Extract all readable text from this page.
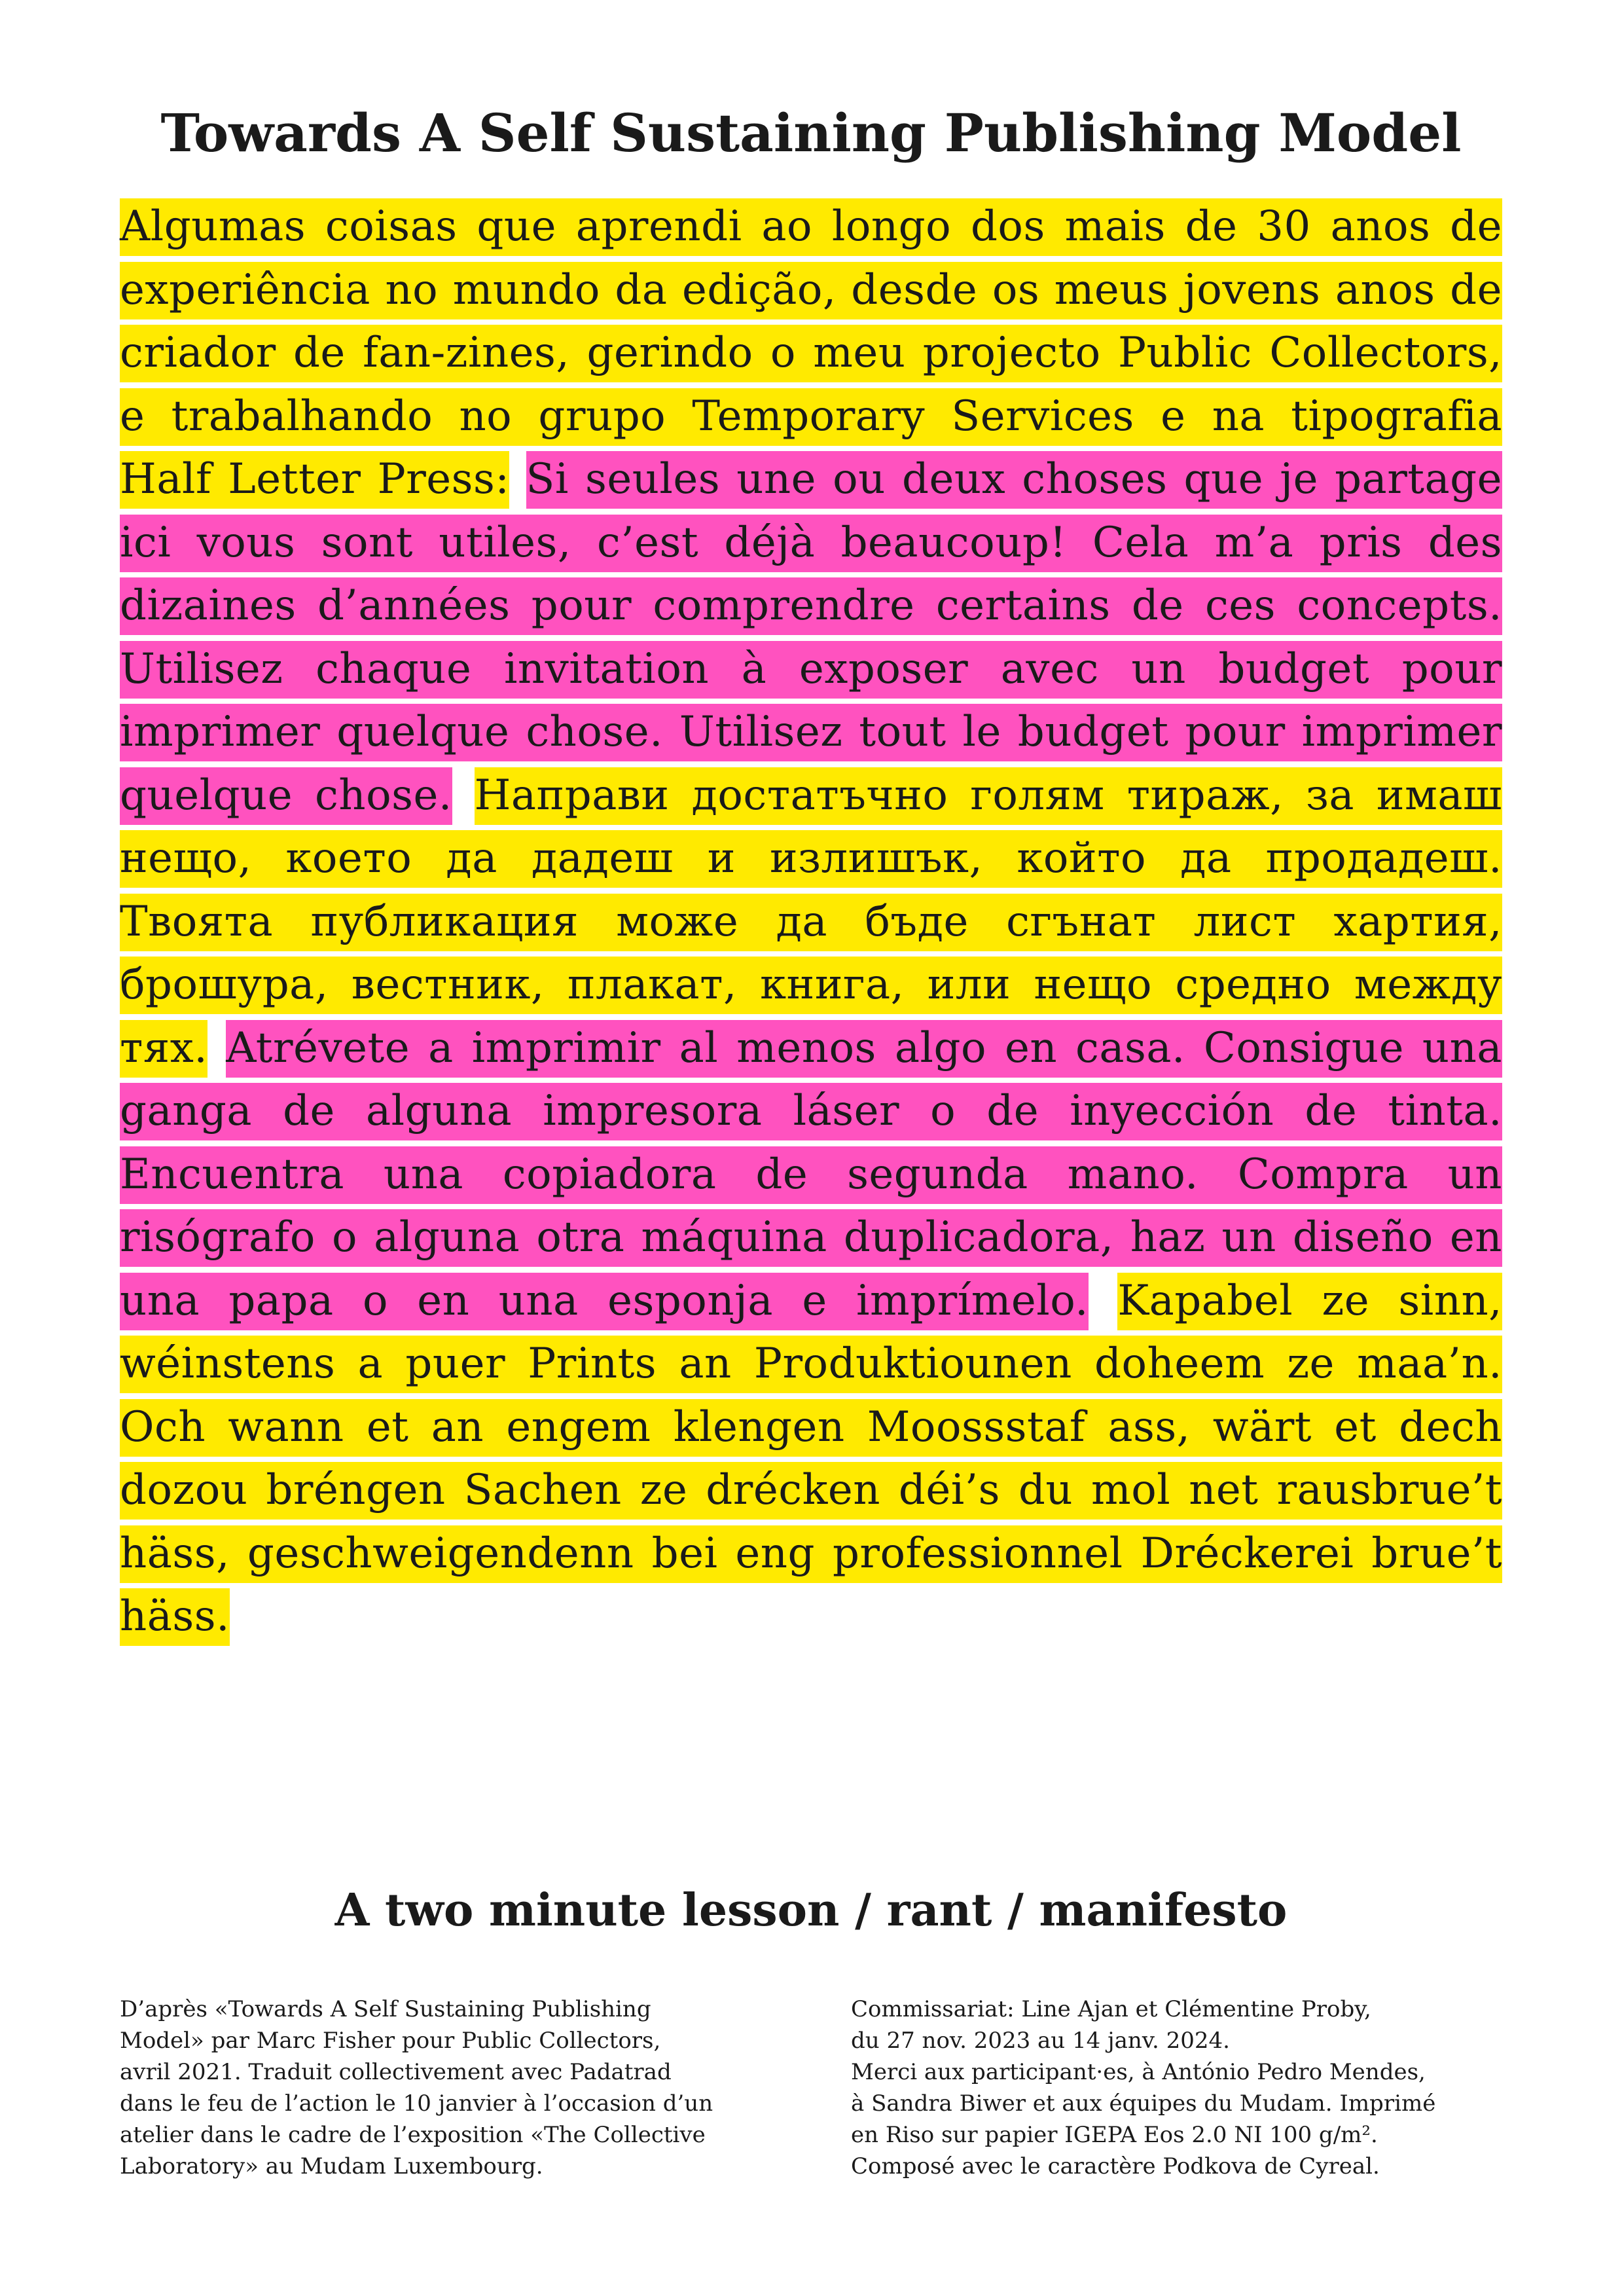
Towards A Self Sustaining Publishing Model

Algumas coisas que aprendi ao longo dos mais de 30 anos de experiência no mundo da edição, desde os meus jovens anos de criador de fan-zines, gerindo o meu projecto Public Collectors, e trabalhando no grupo Temporary Services e na tipografia Half Letter Press: Si seules une ou deux choses que je partage ici vous sont utiles, c’est déjà beaucoup! Cela m’a pris des dizaines d’années pour comprendre certains de ces concepts. Utilisez chaque invitation à exposer avec un budget pour imprimer quelque chose. Utilisez tout le budget pour imprimer quelque chose. Направи достатъчно голям тираж, за имаш нещо, което да дадеш и излишък, който да продадеш. Твоята публикация може да бъде сгънат лист хартия, брошура, вестник, плакат, книга, или нещо средно между тях. Atrévete a imprimir al menos algo en casa. Consigue una ganga de alguna impresora láser o de inyección de tinta. Encuentra una copiadora de segunda mano. Compra un risógrafo o alguna otra máquina duplicadora, haz un diseño en una papa o en una esponja e imprímelo. Kapabel ze sinn, wéinstens a puer Prints an Produktiounen doheem ze maa’n. Och wann et an engem klengen Moossstaf ass, wärt et dech dozou bréngen Sachen ze drécken déi’s du mol net rausbrue’t häss, geschweigendenn bei eng professionnel Dréckerei brue’t häss.

A two minute lesson / rant / manifesto

D’après «Towards A Self Sustaining Publishing
Model» par Marc Fisher pour Public Collectors,
avril 2021. Traduit collectivement avec Padatrad
dans le feu de l’action le 10 janvier à l’occasion d’un
atelier dans le cadre de l’exposition «The Collective
Laboratory» au Mudam Luxembourg.

Commissariat: Line Ajan et Clémentine Proby,
du 27 nov. 2023 au 14 janv. 2024.
Merci aux participant·es, à António Pedro Mendes,
à Sandra Biwer et aux équipes du Mudam. Imprimé
en Riso sur papier IGEPA Eos 2.0 NI 100 g/m².
Composé avec le caractère Podkova de Cyreal.
